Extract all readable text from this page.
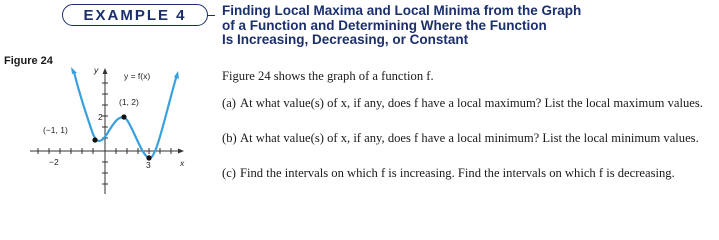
EXAMPLE 4
Figure 24
y
x
y = f(x)
(1, 2)
(−1, 1)
2
−2	3
Finding Local Maxima and Local Minima from the Graph
of a Function and Determining Where the Function
Is Increasing, Decreasing, or Constant
Figure 24 shows the graph of a function f.
(a) At what value(s) of x, if any, does f have a local maximum? List the local maximum values.
(b) At what value(s) of x, if any, does f have a local minimum? List the local minimum values.
(c) Find the intervals on which f is increasing. Find the intervals on which f is decreasing.
